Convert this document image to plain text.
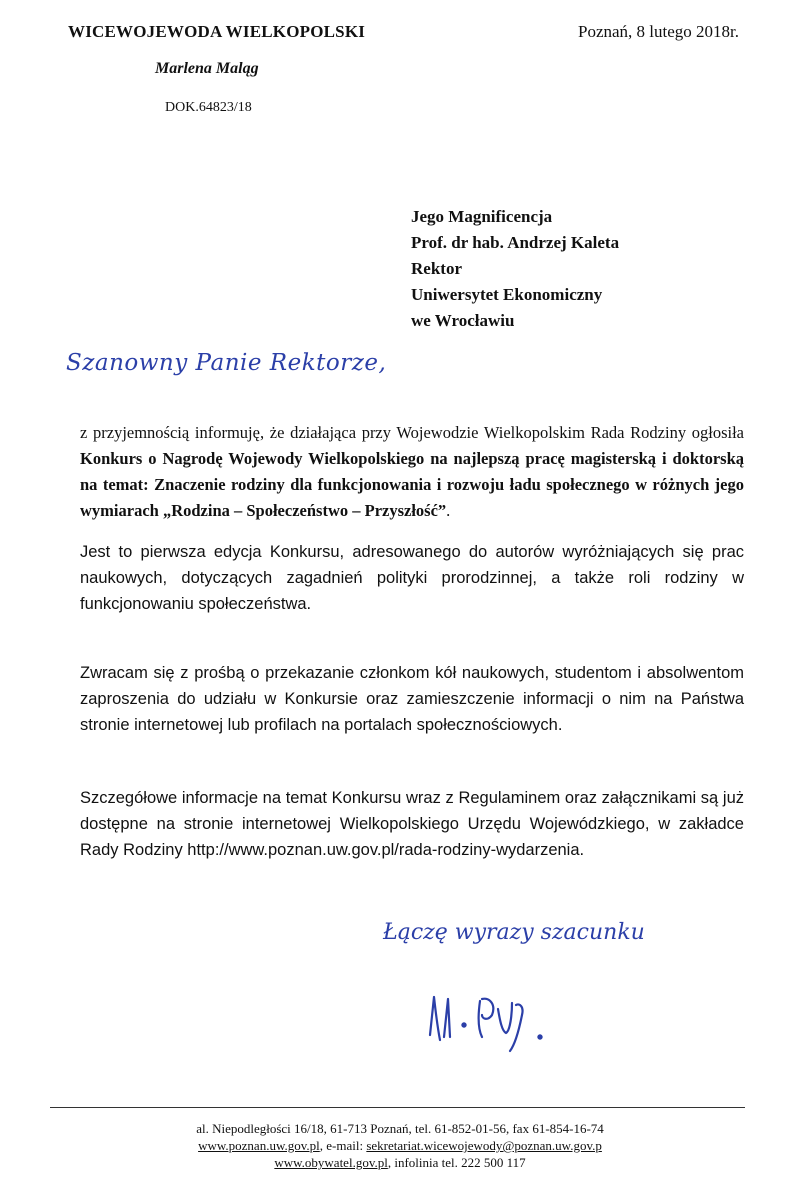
WICEWOJEWODA WIELKOPOLSKI	Poznań, 8 lutego 2018r.
Marlena Maląg
DOK.64823/18
Jego Magnificencja
Prof. dr hab. Andrzej Kaleta
Rektor
Uniwersytet Ekonomiczny
we Wrocławiu
Szanowny Panie Rektorze,
z przyjemnością informuję, że działająca przy Wojewodzie Wielkopolskim Rada Rodziny ogłosiła Konkurs o Nagrodę Wojewody Wielkopolskiego na najlepszą pracę magisterską i doktorską na temat: Znaczenie rodziny dla funkcjonowania i rozwoju ładu społecznego w różnych jego wymiarach „Rodzina – Społeczeństwo – Przyszłość”.
Jest to pierwsza edycja Konkursu, adresowanego do autorów wyróżniających się prac naukowych, dotyczących zagadnień polityki prorodzinnej, a także roli rodziny w funkcjonowaniu społeczeństwa.
Zwracam się z prośbą o przekazanie członkom kół naukowych, studentom i absolwentom zaproszenia do udziału w Konkursie oraz zamieszczenie informacji o nim na Państwa stronie internetowej lub profilach na portalach społecznościowych.
Szczegółowe informacje na temat Konkursu wraz z Regulaminem oraz załącznikami są już dostępne na stronie internetowej Wielkopolskiego Urzędu Wojewódzkiego, w zakładce Rady Rodziny http://www.poznan.uw.gov.pl/rada-rodziny-wydarzenia.
Łączę wyrazy szacunku
al. Niepodległości 16/18, 61-713 Poznań, tel. 61-852-01-56, fax 61-854-16-74
www.poznan.uw.gov.pl, e-mail: sekretariat.wicewojewody@poznan.uw.gov.p
www.obywatel.gov.pl, infolinia tel. 222 500 117
